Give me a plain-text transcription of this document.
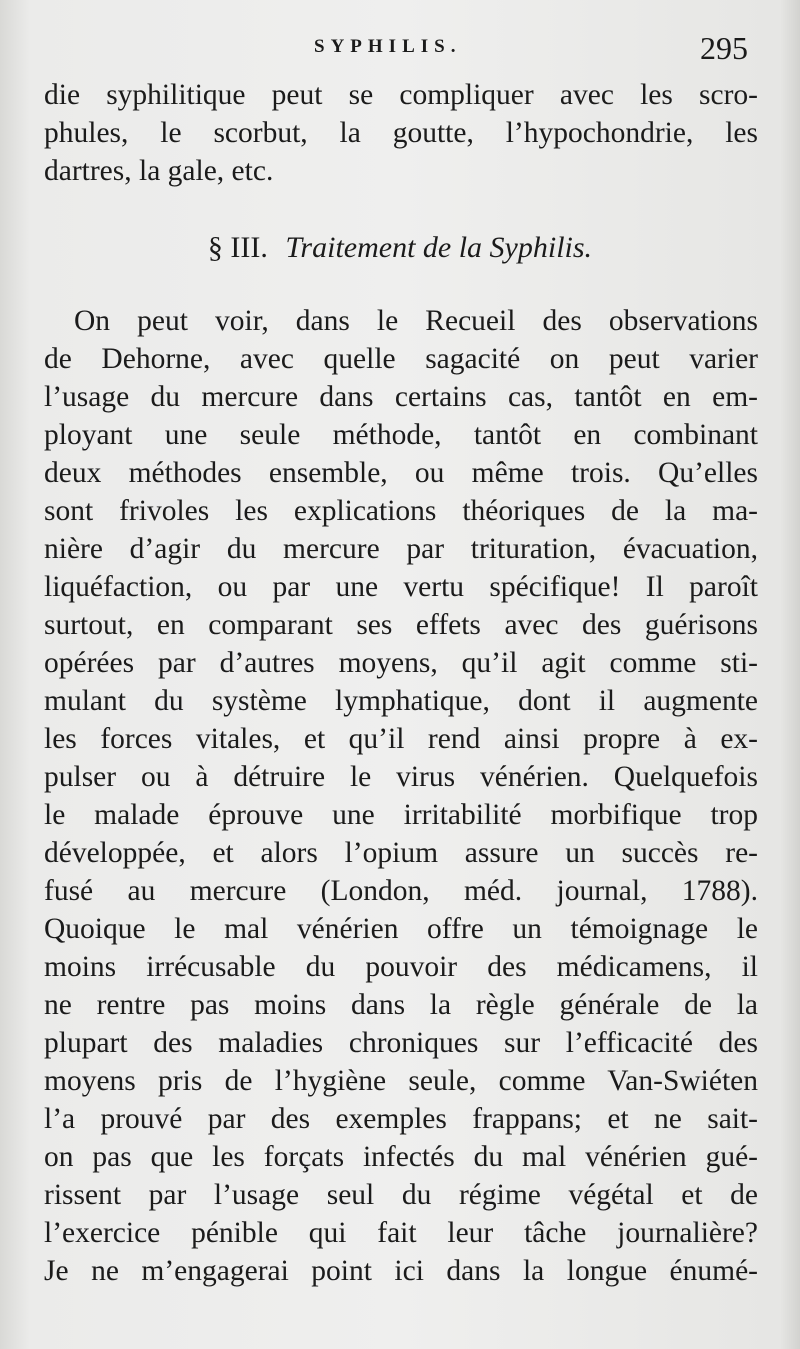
SYPHILIS.	295
die syphilitique peut se compliquer avec les scro-
phules, le scorbut, la goutte, l’hypochondrie, les
dartres, la gale, etc.
§ III. Traitement de la Syphilis.
On peut voir, dans le Recueil des observations
de Dehorne, avec quelle sagacité on peut varier
l’usage du mercure dans certains cas, tantôt en em-
ployant une seule méthode, tantôt en combinant
deux méthodes ensemble, ou même trois. Qu’elles
sont frivoles les explications théoriques de la ma-
nière d’agir du mercure par trituration, évacuation,
liquéfaction, ou par une vertu spécifique! Il paroît
surtout, en comparant ses effets avec des guérisons
opérées par d’autres moyens, qu’il agit comme sti-
mulant du système lymphatique, dont il augmente
les forces vitales, et qu’il rend ainsi propre à ex-
pulser ou à détruire le virus vénérien. Quelquefois
le malade éprouve une irritabilité morbifique trop
développée, et alors l’opium assure un succès re-
fusé au mercure (London, méd. journal, 1788).
Quoique le mal vénérien offre un témoignage le
moins irrécusable du pouvoir des médicamens, il
ne rentre pas moins dans la règle générale de la
plupart des maladies chroniques sur l’efficacité des
moyens pris de l’hygiène seule, comme Van-Swiéten
l’a prouvé par des exemples frappans; et ne sait-
on pas que les forçats infectés du mal vénérien gué-
rissent par l’usage seul du régime végétal et de
l’exercice pénible qui fait leur tâche journalière?
Je ne m’engagerai point ici dans la longue énumé-
